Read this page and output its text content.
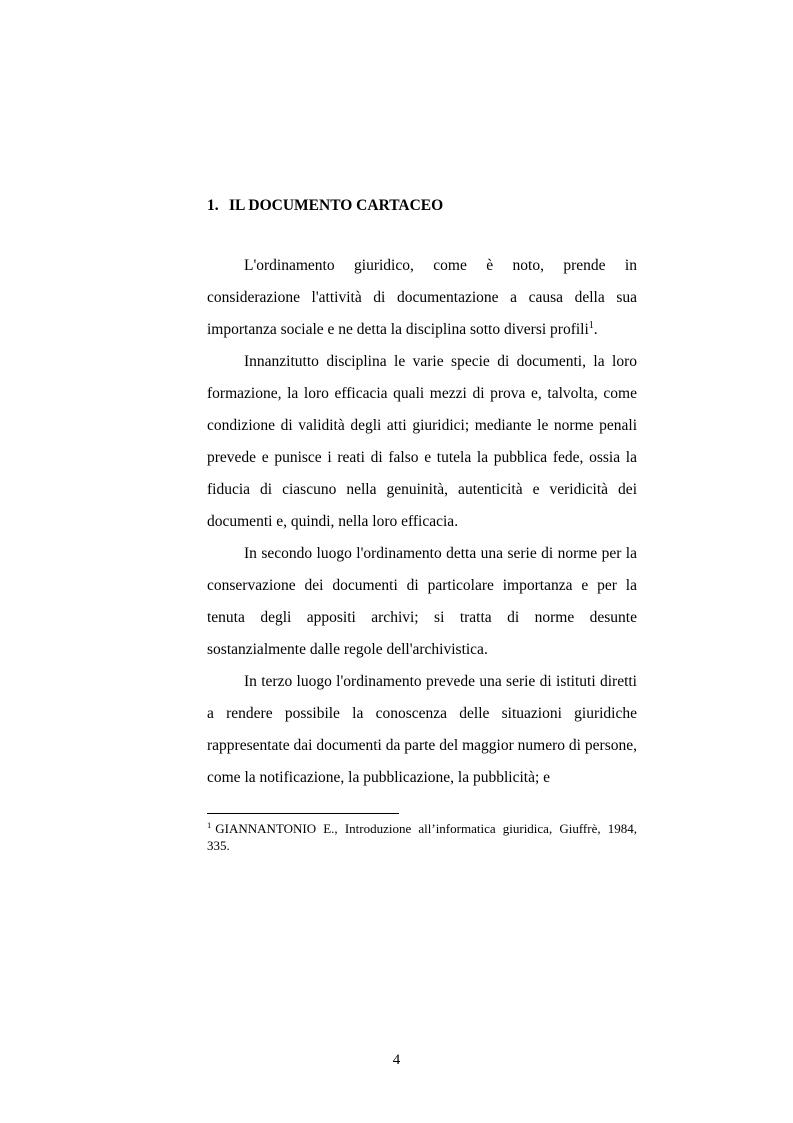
1. IL DOCUMENTO CARTACEO

L'ordinamento giuridico, come è noto, prende in considerazione l'attività di documentazione a causa della sua importanza sociale e ne detta la disciplina sotto diversi profili$^1$.

Innanzitutto disciplina le varie specie di documenti, la loro formazione, la loro efficacia quali mezzi di prova e, talvolta, come condizione di validità degli atti giuridici; mediante le norme penali prevede e punisce i reati di falso e tutela la pubblica fede, ossia la fiducia di ciascuno nella genuinità, autenticità e veridicità dei documenti e, quindi, nella loro efficacia.

In secondo luogo l'ordinamento detta una serie di norme per la conservazione dei documenti di particolare importanza e per la tenuta degli appositi archivi; si tratta di norme desunte sostanzialmente dalle regole dell'archivistica.

In terzo luogo l'ordinamento prevede una serie di istituti diretti a rendere possibile la conoscenza delle situazioni giuridiche rappresentate dai documenti da parte del maggior numero di persone, come la notificazione, la pubblicazione, la pubblicità; e

$^1$ GIANNANTONIO E., Introduzione all’informatica giuridica, Giuffrè, 1984, 335.
4
